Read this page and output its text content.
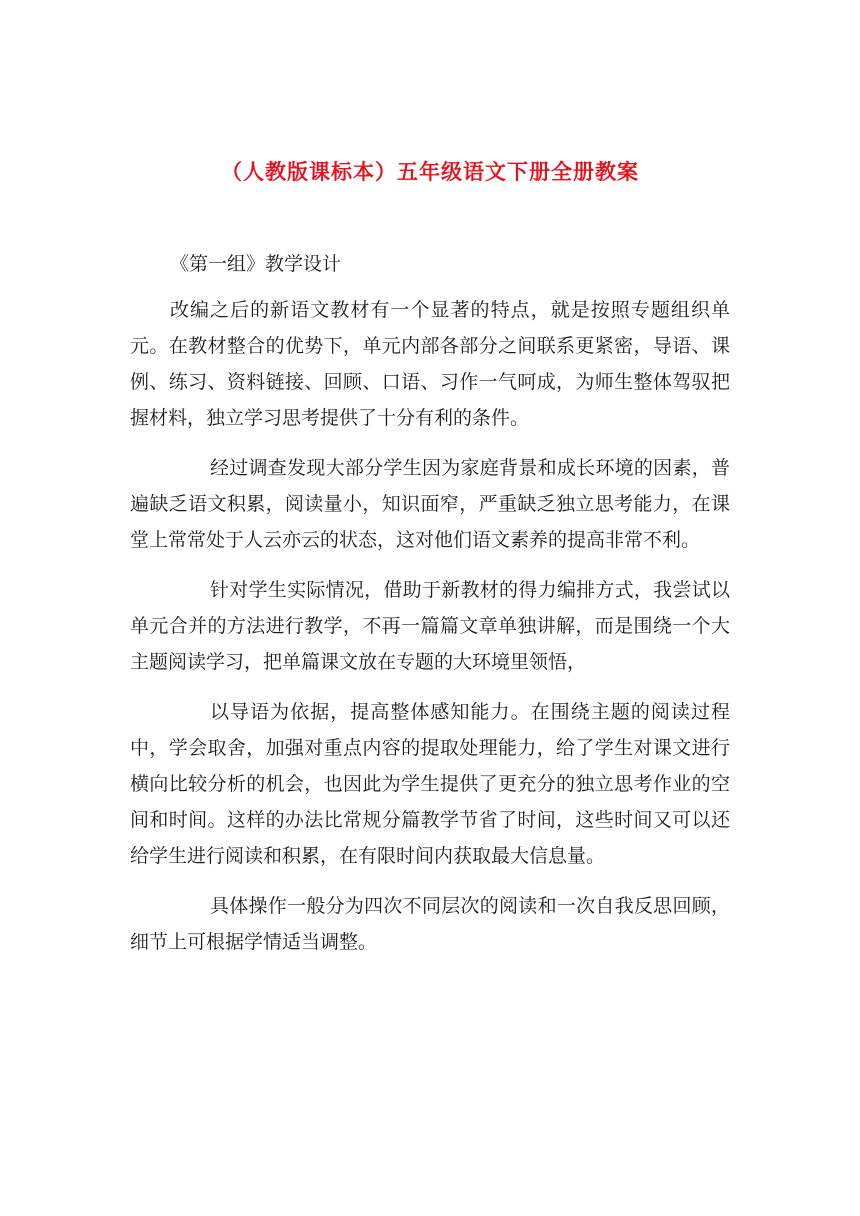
（人教版课标本）五年级语文下册全册教案

《第一组》教学设计

改编之后的新语文教材有一个显著的特点，就是按照专题组织单元。在教材整合的优势下，单元内部各部分之间联系更紧密，导语、课例、练习、资料链接、回顾、口语、习作一气呵成，为师生整体驾驭把握材料，独立学习思考提供了十分有利的条件。

经过调查发现大部分学生因为家庭背景和成长环境的因素，普遍缺乏语文积累，阅读量小，知识面窄，严重缺乏独立思考能力，在课堂上常常处于人云亦云的状态，这对他们语文素养的提高非常不利。

针对学生实际情况，借助于新教材的得力编排方式，我尝试以单元合并的方法进行教学，不再一篇篇文章单独讲解，而是围绕一个大主题阅读学习，把单篇课文放在专题的大环境里领悟，

以导语为依据，提高整体感知能力。在围绕主题的阅读过程中，学会取舍，加强对重点内容的提取处理能力，给了学生对课文进行横向比较分析的机会，也因此为学生提供了更充分的独立思考作业的空间和时间。这样的办法比常规分篇教学节省了时间，这些时间又可以还给学生进行阅读和积累，在有限时间内获取最大信息量。

具体操作一般分为四次不同层次的阅读和一次自我反思回顾，细节上可根据学情适当调整。
